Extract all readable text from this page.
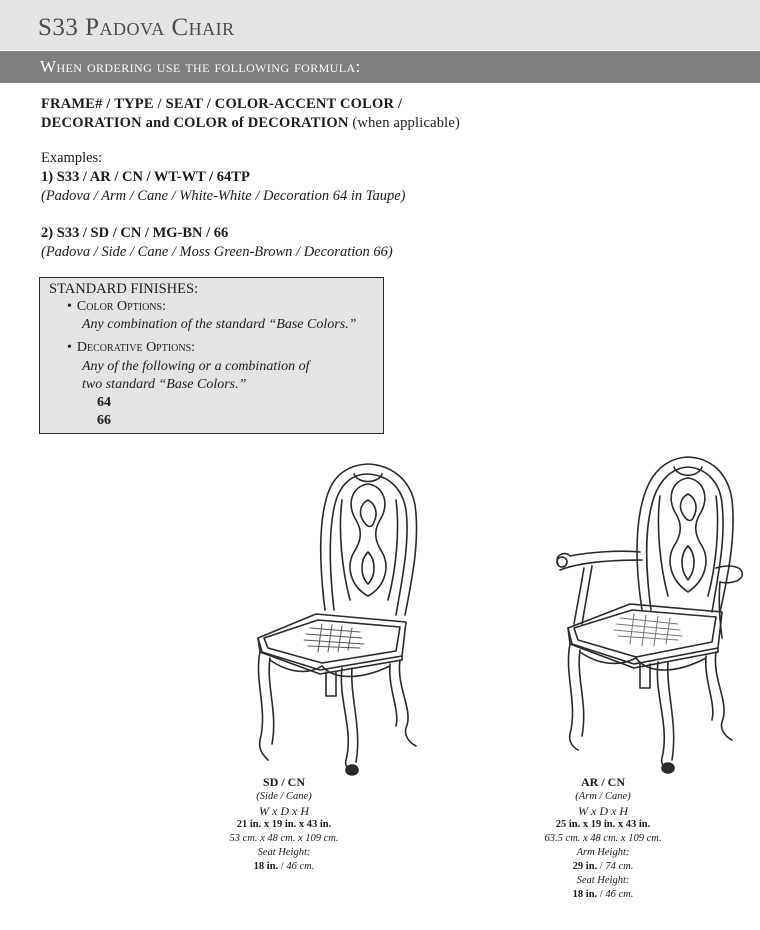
S33 Padova Chair
When ordering use the following formula:
FRAME# / TYPE / SEAT / COLOR-ACCENT COLOR /
DECORATION and COLOR of DECORATION (when applicable)
Examples:
1) S33 / AR / CN / WT-WT / 64TP
(Padova / Arm / Cane / White-White / Decoration 64 in Taupe)
2) S33 / SD / CN / MG-BN / 66
(Padova / Side / Cane / Moss Green-Brown / Decoration 66)
STANDARD FINISHES:
• Color Options:
Any combination of the standard “Base Colors.”
• Decorative Options:
Any of the following or a combination of
two standard “Base Colors.”
64
66
SD / CN
(Side / Cane)
W x D x H
21 in. x 19 in. x 43 in.
53 cm. x 48 cm. x 109 cm.
Seat Height:
18 in. / 46 cm.
AR / CN
(Arm / Cane)
W x D x H
25 in. x 19 in. x 43 in.
63.5 cm. x 48 cm. x 109 cm.
Arm Height:
29 in. / 74 cm.
Seat Height:
18 in. / 46 cm.
